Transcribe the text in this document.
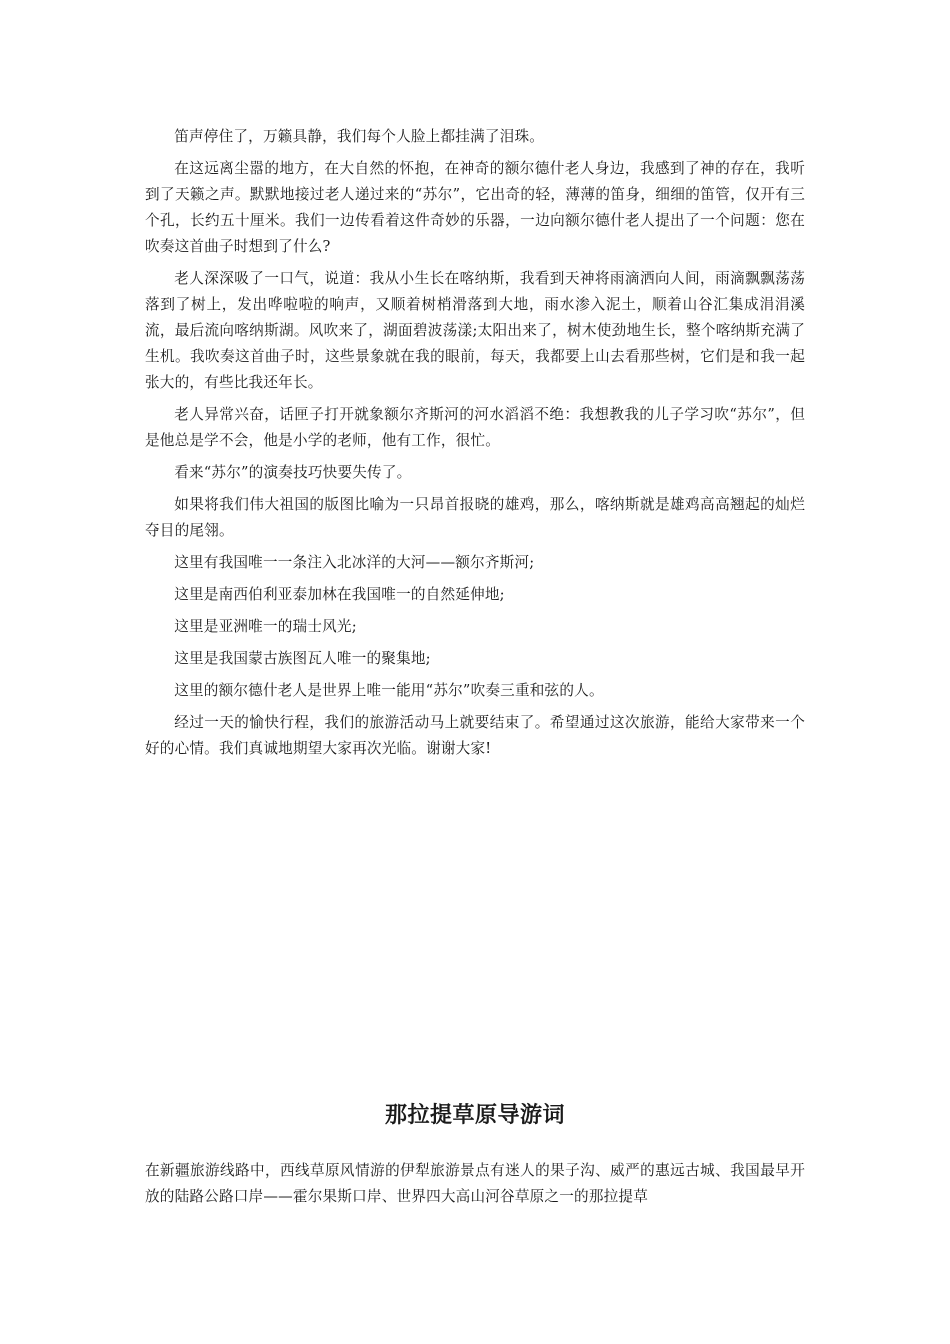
笛声停住了，万籁具静，我们每个人脸上都挂满了泪珠。

在这远离尘嚣的地方，在大自然的怀抱，在神奇的额尔德什老人身边，我感到了神的存在，我听到了天籁之声。默默地接过老人递过来的“苏尔”，它出奇的轻，薄薄的笛身，细细的笛管，仅开有三个孔，长约五十厘米。我们一边传看着这件奇妙的乐器，一边向额尔德什老人提出了一个问题：您在吹奏这首曲子时想到了什么?

老人深深吸了一口气，说道：我从小生长在喀纳斯，我看到天神将雨滴洒向人间，雨滴飘飘荡荡落到了树上，发出哗啦啦的响声，又顺着树梢滑落到大地，雨水渗入泥土，顺着山谷汇集成涓涓溪流，最后流向喀纳斯湖。风吹来了，湖面碧波荡漾;太阳出来了，树木使劲地生长，整个喀纳斯充满了生机。我吹奏这首曲子时，这些景象就在我的眼前，每天，我都要上山去看那些树，它们是和我一起张大的，有些比我还年长。

老人异常兴奋，话匣子打开就象额尔齐斯河的河水滔滔不绝：我想教我的儿子学习吹“苏尔”，但是他总是学不会，他是小学的老师，他有工作，很忙。

看来“苏尔”的演奏技巧快要失传了。

如果将我们伟大祖国的版图比喻为一只昂首报晓的雄鸡，那么，喀纳斯就是雄鸡高高翘起的灿烂夺目的尾翎。

这里有我国唯一一条注入北冰洋的大河——额尔齐斯河;

这里是南西伯利亚泰加林在我国唯一的自然延伸地;

这里是亚洲唯一的瑞士风光;

这里是我国蒙古族图瓦人唯一的聚集地;

这里的额尔德什老人是世界上唯一能用“苏尔”吹奏三重和弦的人。

经过一天的愉快行程，我们的旅游活动马上就要结束了。希望通过这次旅游，能给大家带来一个好的心情。我们真诚地期望大家再次光临。谢谢大家!

那拉提草原导游词

在新疆旅游线路中，西线草原风情游的伊犁旅游景点有迷人的果子沟、威严的惠远古城、我国最早开放的陆路公路口岸——霍尔果斯口岸、世界四大高山河谷草原之一的那拉提草
